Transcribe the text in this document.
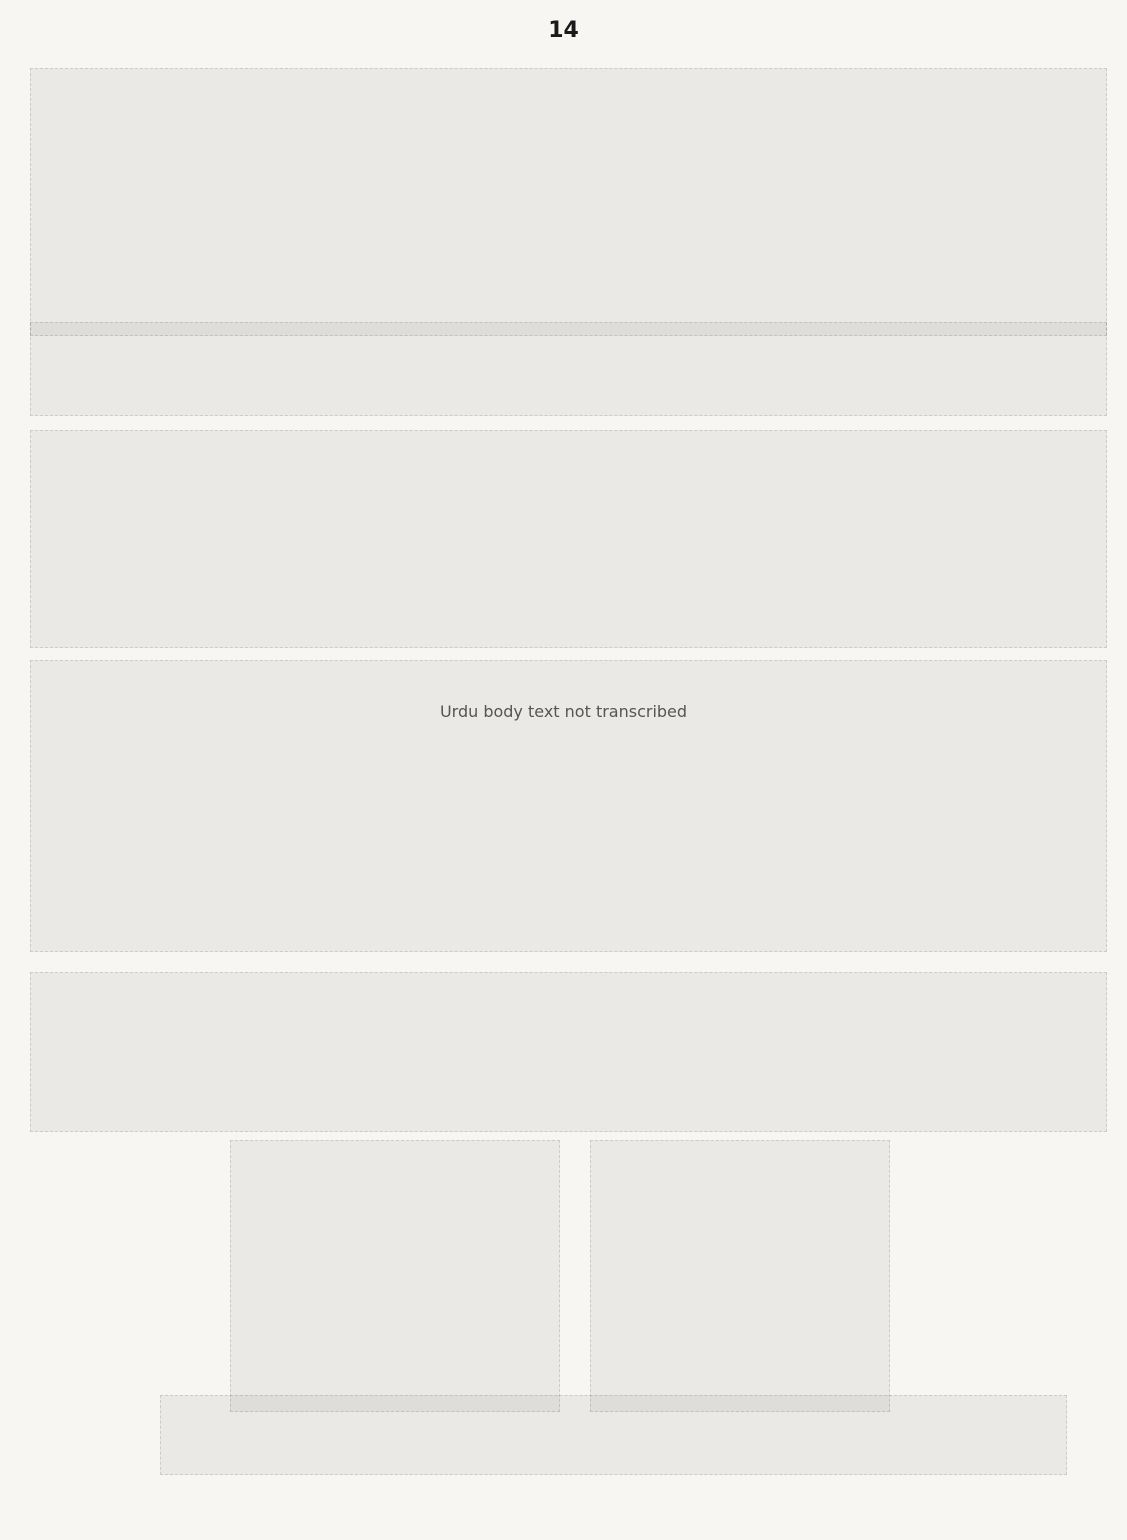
14
Urdu body text not transcribed
